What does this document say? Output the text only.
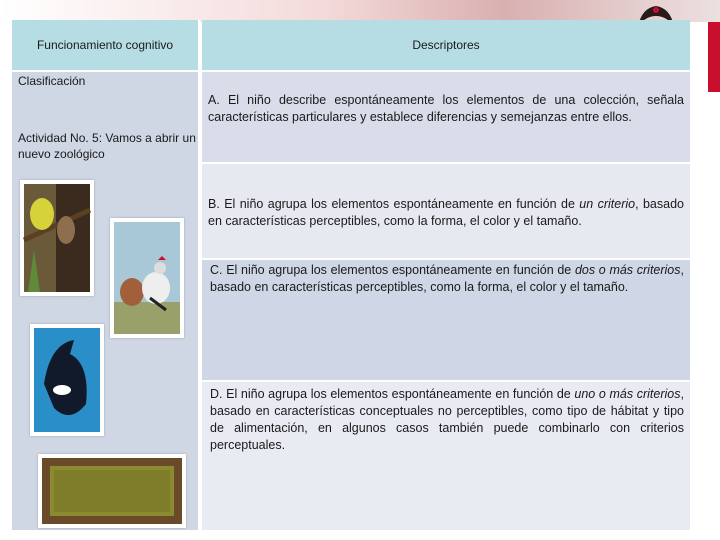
Funcionamiento cognitivo	Descriptores
Clasificación
Actividad No. 5: Vamos a abrir un nuevo zoológico
A. El niño describe espontáneamente los elementos de una colección, señala características particulares y establece diferencias y semejanzas entre ellos.
B. El niño agrupa los elementos espontáneamente en función de un criterio, basado en características perceptibles, como la forma, el color y el tamaño.
C. El niño agrupa los elementos espontáneamente en función de dos o más criterios, basado en características perceptibles, como la forma, el color y el tamaño.
D. El niño agrupa los elementos espontáneamente en función de uno o más criterios, basado en características conceptuales no perceptibles, como tipo de hábitat y tipo de alimentación, en algunos casos también puede combinarlo con criterios perceptuales.
